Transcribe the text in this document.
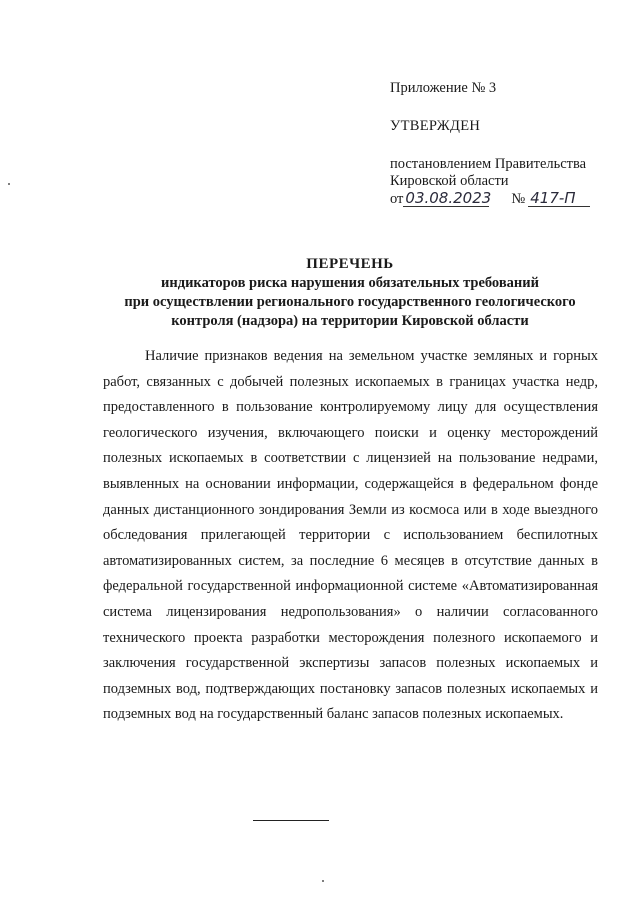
Приложение № 3
УТВЕРЖДЕН
постановлением Правительства
Кировской области
от 03.08.2023 № 417-П
ПЕРЕЧЕНЬ
индикаторов риска нарушения обязательных требований
при осуществлении регионального государственного геологического
контроля (надзора) на территории Кировской области

Наличие признаков ведения на земельном участке земляных и горных работ, связанных с добычей полезных ископаемых в границах участка недр, предоставленного в пользование контролируемому лицу для осуществления геологического изучения, включающего поиски и оценку месторождений полезных ископаемых в соответствии с лицензией на пользование недрами, выявленных на основании информации, содержащейся в федеральном фонде данных дистанционного зондирования Земли из космоса или в ходе выездного обследования прилегающей территории с использованием беспилотных автоматизированных систем, за последние 6 месяцев в отсутствие данных в федеральной государственной информационной системе «Автоматизированная система лицензирования недропользования» о наличии согласованного технического проекта разработки месторождения полезного ископаемого и заключения государственной экспертизы запасов полезных ископаемых и подземных вод, подтверждающих постановку запасов полезных ископаемых и подземных вод на государственный баланс запасов полезных ископаемых.
